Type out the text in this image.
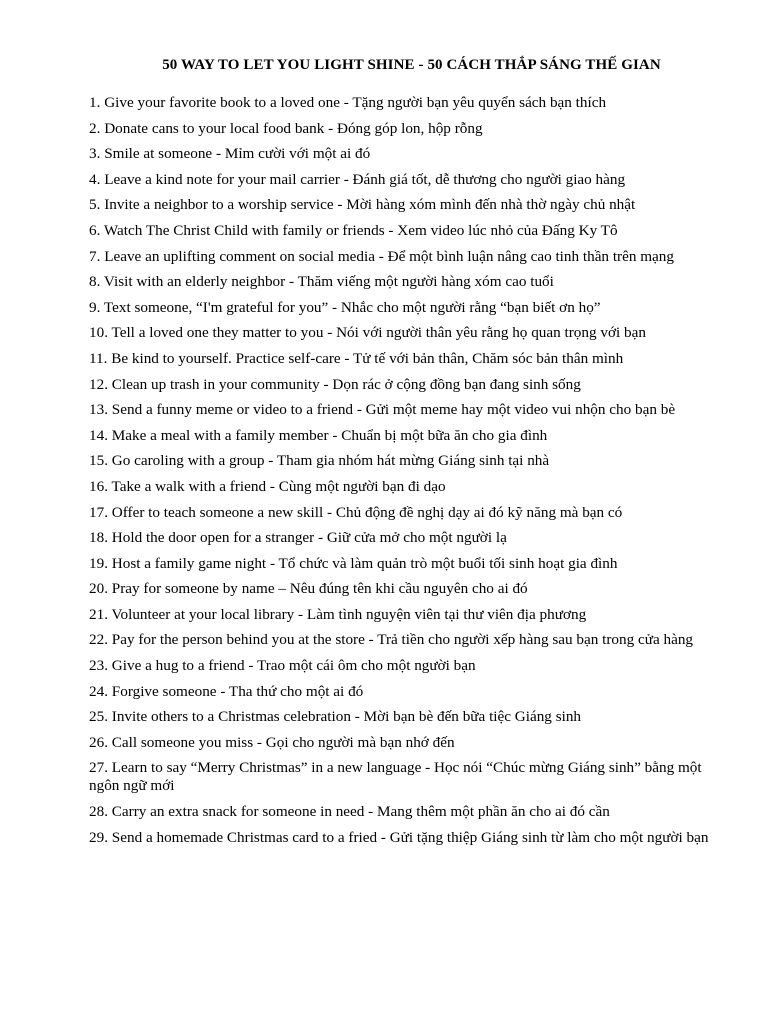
50 WAY TO LET YOU LIGHT SHINE - 50 CÁCH THẮP SÁNG THẾ GIAN
1. Give your favorite book to a loved one - Tặng người bạn yêu quyển sách bạn thích
2. Donate cans to your local food bank - Đóng góp lon, hộp rỗng
3. Smile at someone - Mỉm cười với một ai đó
4. Leave a kind note for your mail carrier - Đánh giá tốt, dễ thương cho người giao hàng
5. Invite a neighbor to a worship service - Mời hàng xóm mình đến nhà thờ ngày chủ nhật
6. Watch The Christ Child with family or friends - Xem video lúc nhỏ của Đấng Ky Tô
7. Leave an uplifting comment on social media - Để một bình luận nâng cao tinh thần trên mạng
8. Visit with an elderly neighbor - Thăm viếng một người hàng xóm cao tuổi
9. Text someone, “I'm grateful for you” - Nhắc cho một người rằng “bạn biết ơn họ”
10. Tell a loved one they matter to you - Nói với người thân yêu rằng họ quan trọng với bạn
11. Be kind to yourself. Practice self-care - Tử tế với bản thân, Chăm sóc bản thân mình
12. Clean up trash in your community - Dọn rác ở cộng đồng bạn đang sinh sống
13. Send a funny meme or video to a friend - Gửi một meme hay một video vui nhộn cho bạn bè
14. Make a meal with a family member - Chuẩn bị một bữa ăn cho gia đình
15. Go caroling with a group - Tham gia nhóm hát mừng Giáng sinh tại nhà
16. Take a walk with a friend - Cùng một người bạn đi dạo
17. Offer to teach someone a new skill - Chủ động đề nghị dạy ai đó kỹ năng mà bạn có
18. Hold the door open for a stranger - Giữ cửa mở cho một người lạ
19. Host a family game night - Tổ chức và làm quản trò một buổi tối sinh hoạt gia đình
20. Pray for someone by name – Nêu đúng tên khi cầu nguyên cho ai đó
21. Volunteer at your local library - Làm tình nguyện viên tại thư viên địa phương
22. Pay for the person behind you at the store - Trả tiền cho người xếp hàng sau bạn trong cửa hàng
23. Give a hug to a friend - Trao một cái ôm cho một người bạn
24. Forgive someone - Tha thứ cho một ai đó
25. Invite others to a Christmas celebration - Mời bạn bè đến bữa tiệc Giáng sinh
26. Call someone you miss - Gọi cho người mà bạn nhớ đến
27. Learn to say “Merry Christmas” in a new language - Học nói “Chúc mừng Giáng sinh” bằng một ngôn ngữ mới
28. Carry an extra snack for someone in need - Mang thêm một phần ăn cho ai đó cần
29. Send a homemade Christmas card to a fried - Gửi tặng thiệp Giáng sinh từ làm cho một người bạn
